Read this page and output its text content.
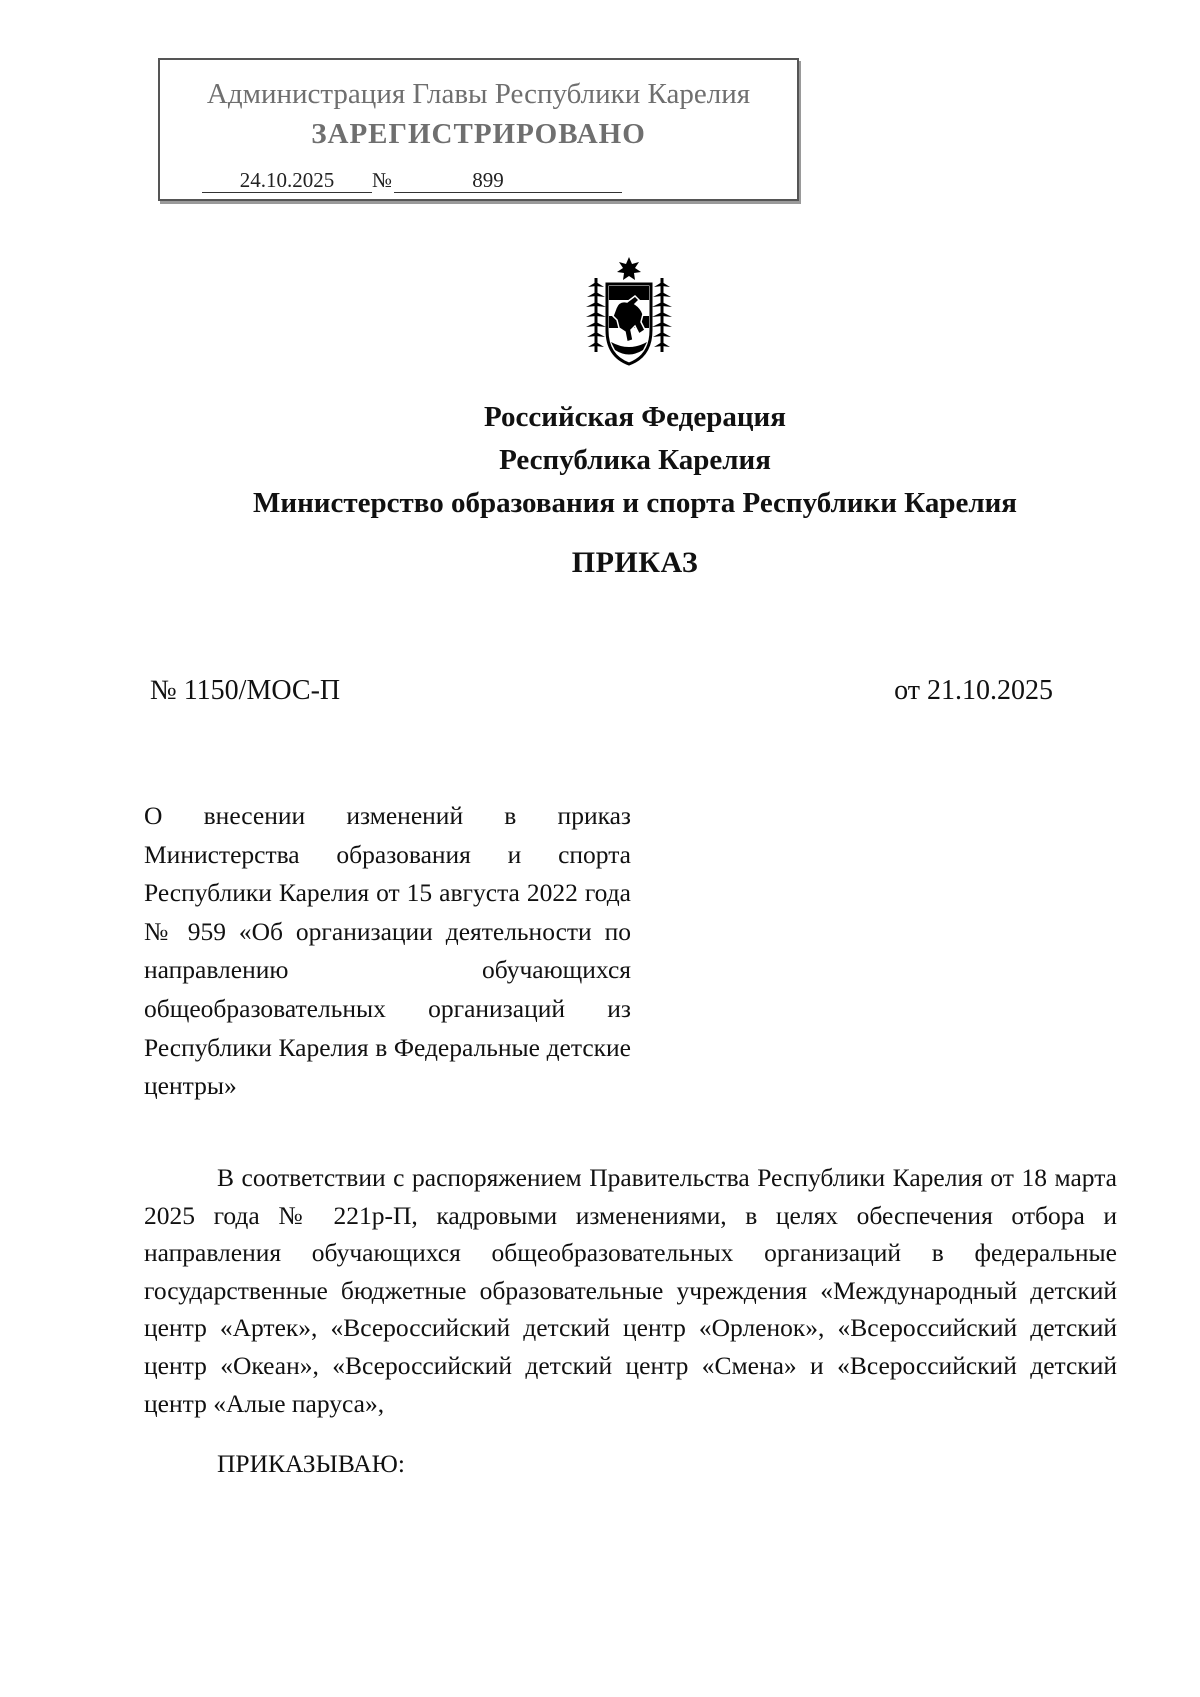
Администрация Главы Республики Карелия
ЗАРЕГИСТРИРОВАНО
24.10.2025	№	899
Российская Федерация
Республика Карелия
Министерство образования и спорта Республики Карелия
ПРИКАЗ
№ 1150/МОС-П	от 21.10.2025
О внесении изменений в приказ Министерства образования и спорта Республики Карелия от 15 августа 2022 года № 959 «Об организации деятельности по направлению обучающихся общеобразовательных организаций из Республики Карелия в Федеральные детские центры»
В соответствии с распоряжением Правительства Республики Карелия от 18 марта 2025 года № 221р-П, кадровыми изменениями, в целях обеспечения отбора и направления обучающихся общеобразовательных организаций в федеральные государственные бюджетные образовательные учреждения «Международный детский центр «Артек», «Всероссийский детский центр «Орленок», «Всероссийский детский центр «Океан», «Всероссийский детский центр «Смена» и «Всероссийский детский центр «Алые паруса»,
ПРИКАЗЫВАЮ:
